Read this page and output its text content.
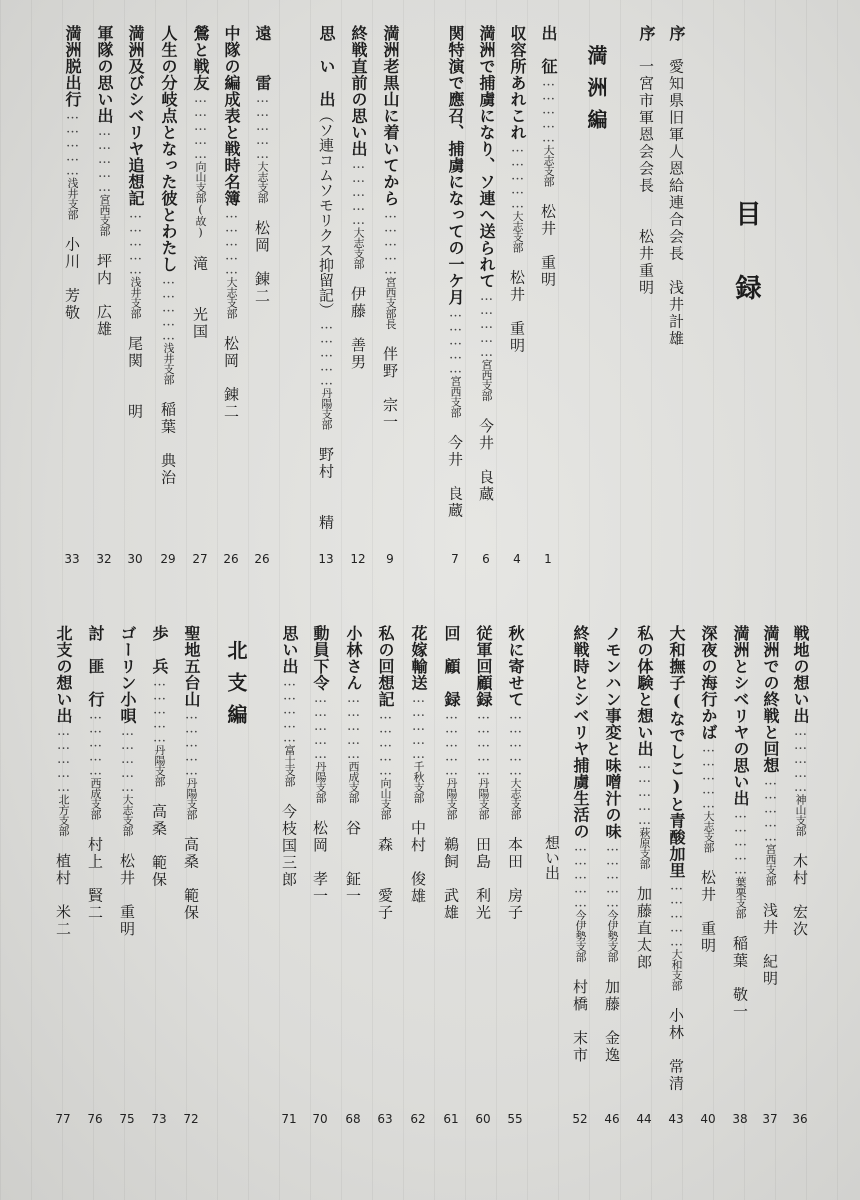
目録
満洲編
北支編
序　愛知県旧軍人恩給連合会長　浅井計雄
序　一宮市軍恩会会長　　松井重明
出　征……………大志支部　松井　重明
1
収容所あれこれ……………大志支部　松井　重明
4
満洲で捕虜になり、ソ連へ送られて……………宮西支部　今井　良蔵
6
関特演で應召、捕虜になっての一ケ月……………宮西支部　今井　良蔵
7
満洲老黒山に着いてから……………宮西支部長　伴野　宗一
9
終戦直前の思い出……………大志支部　伊藤　善男
12
思　い　出（ソ連コムソモリクス抑留記）……………丹陽支部　野村　　精
13
遠　　雷……………大志支部　松岡　錬二
26
中隊の編成表と戦時名簿……………大志支部　松岡　錬二
26
鶯と戦友……………向山支部(故)　滝　　光国
27
人生の分岐点となった彼とわたし……………浅井支部　稲葉　典治
29
満洲及びシベリヤ追想記……………浅井支部　尾関　　明
30
軍隊の思い出……………宮西支部　坪内　広雄
32
満洲脱出行……………浅井支部　小川　芳敬
33
戦地の想い出……………神山支部　木村　宏次
36
満洲での終戦と回想……………宮西支部　浅井　紀明
37
満洲とシベリヤの思い出……………葉栗支部　稲葉　敬一
38
深夜の海行かば……………大志支部　松井　重明
40
大和撫子(なでしこ)と青酸加里……………大和支部　小林　常清
43
私の体験と想い出……………萩原支部　加藤直太郎
44
ノモンハン事変と味噌汁の味……………今伊勢支部　加藤　金逸
46
終戦時とシベリヤ捕虜生活の……………今伊勢支部　村橋　末市
想い出
52
秋に寄せて……………大志支部　本田　房子
55
従軍回顧録……………丹陽支部　田島　利光
60
回　顧　録……………丹陽支部　鵜飼　武雄
61
花嫁輸送……………千秋支部　中村　俊雄
62
私の回想記……………向山支部　森　　愛子
63
小林さん……………西成支部　谷　　鉦一
68
動員下令……………丹陽支部　松岡　孝一
70
思い出……………富士支部　今枝国三郎
71
聖地五台山……………丹陽支部　高桑　範保
72
歩　兵……………丹陽支部　高桑　範保
73
ゴーリン小唄……………大志支部　松井　重明
75
討　匪　行……………西成支部　村上　賢二
76
北支の想い出……………北方支部　植村　米二
77
